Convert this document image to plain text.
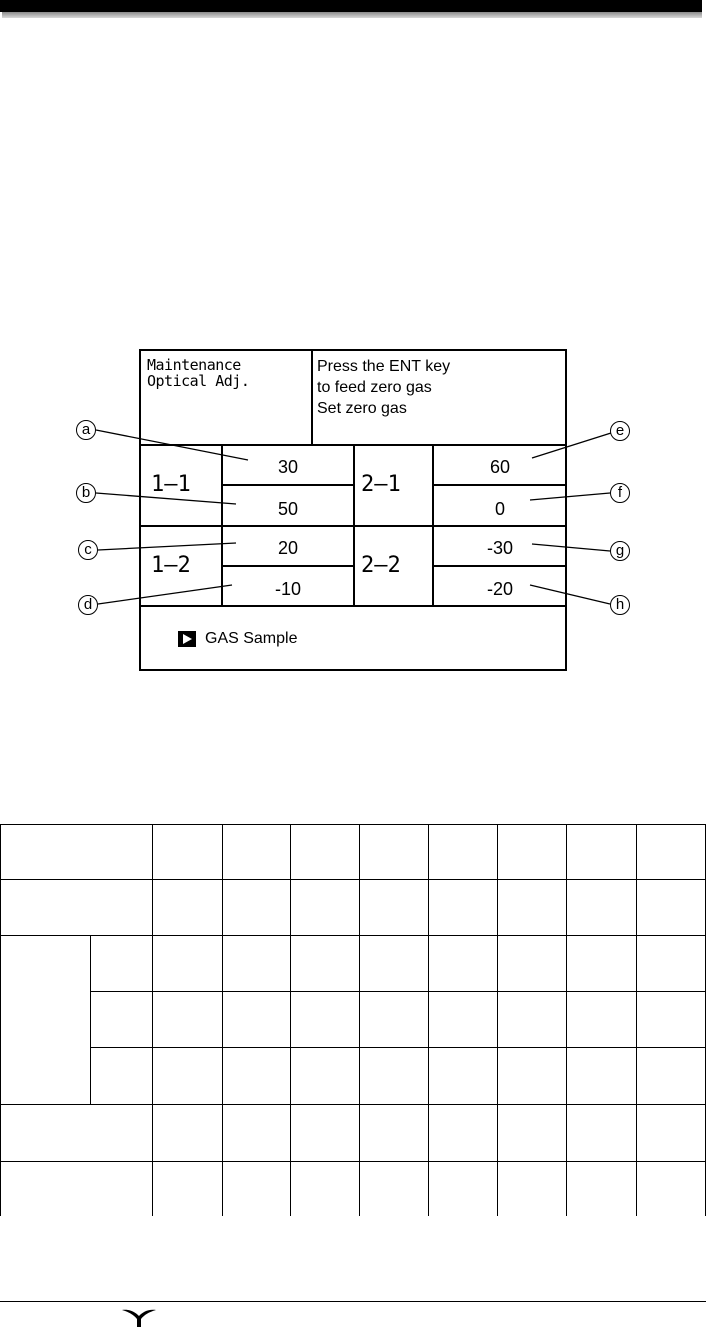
Maintenance
Optical Adj.
Press the ENT key
to feed zero gas
Set zero gas
1–1
1–2
2–1
2–2
30
50
20
-10
60
0
-30
-20
GAS Sample
a
b
c
d
e
f
g
h
